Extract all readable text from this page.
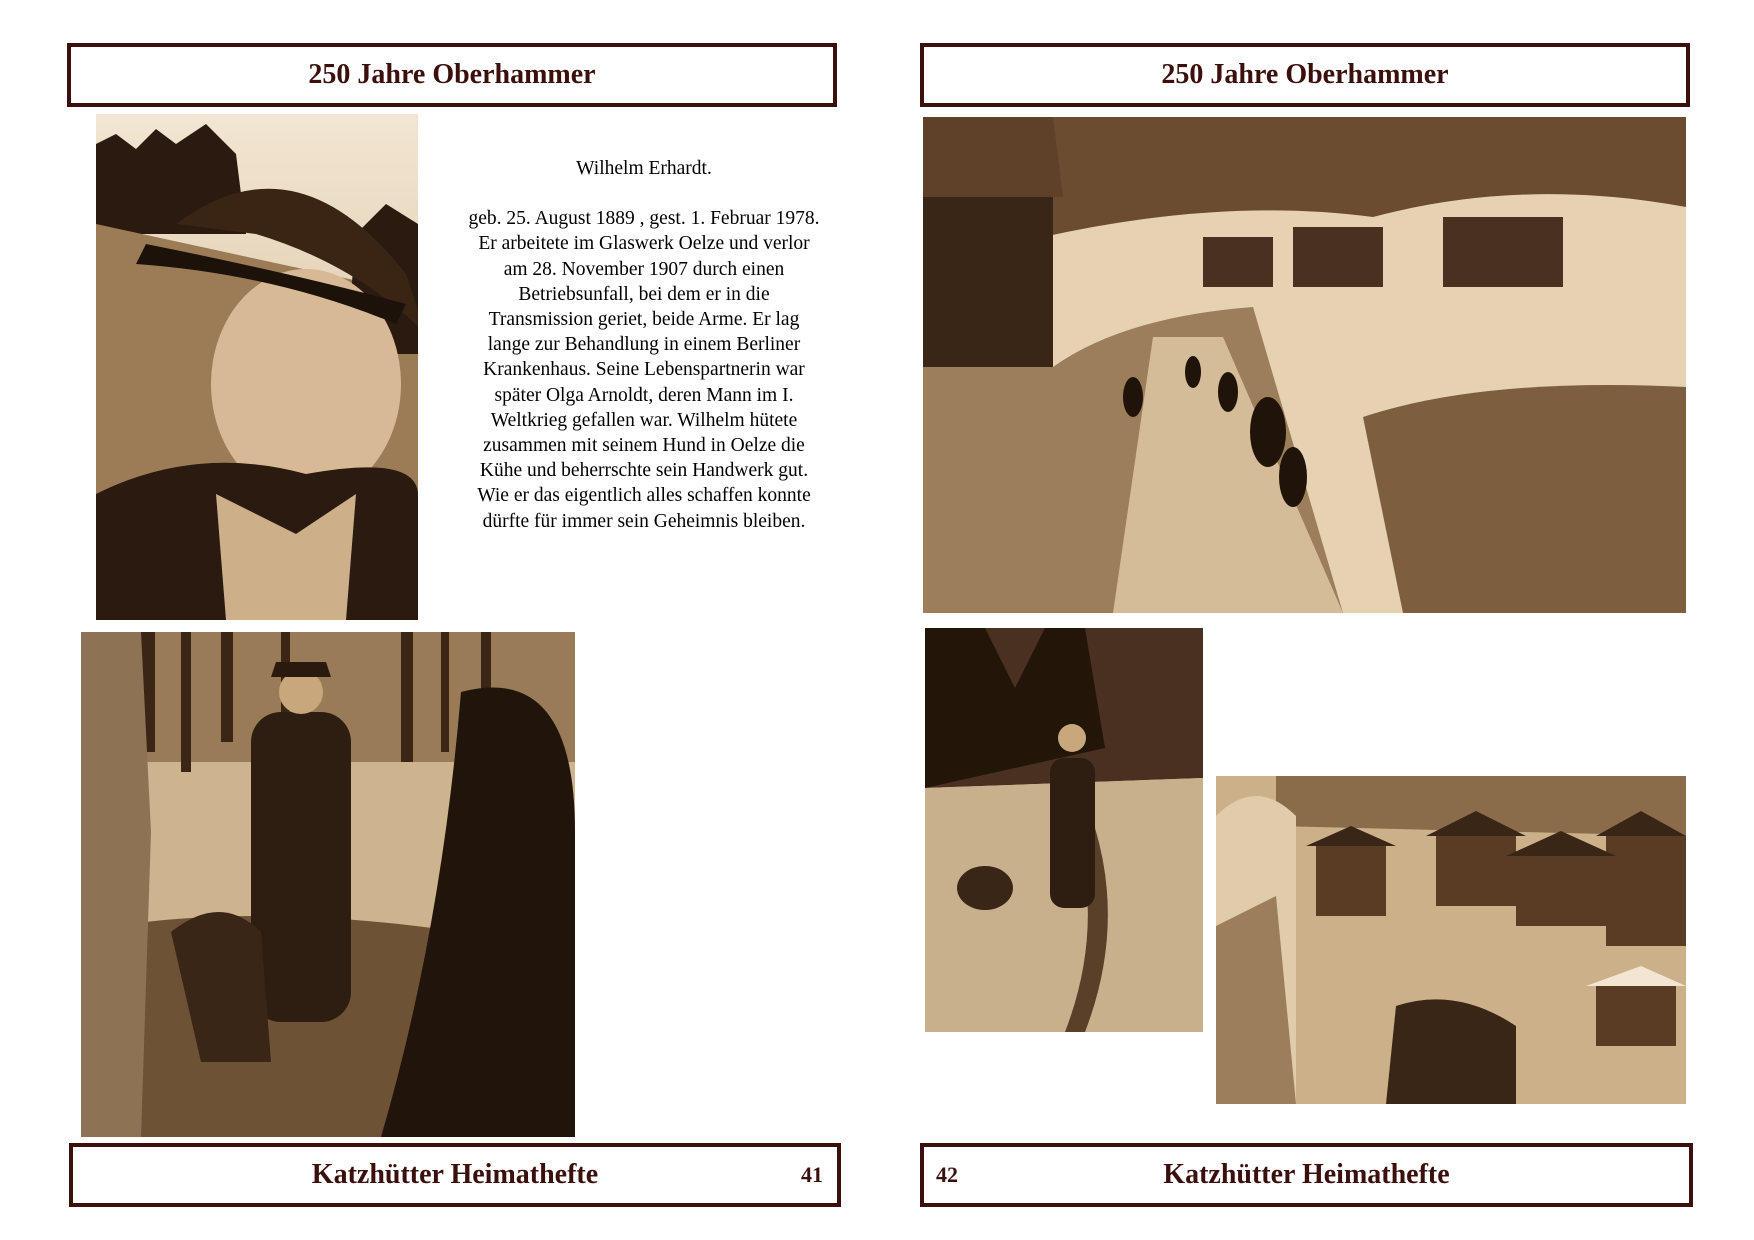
250 Jahre Oberhammer
Wilhelm Erhardt.
geb. 25. August 1889 , gest. 1. Februar 1978.
Er arbeitete im Glaswerk Oelze und verlor
am 28. November 1907 durch einen
Betriebsunfall, bei dem er in die
Transmission geriet, beide Arme. Er lag
lange zur Behandlung in einem Berliner
Krankenhaus. Seine Lebenspartnerin war
später Olga Arnoldt, deren Mann im I.
Weltkrieg gefallen war. Wilhelm hütete
zusammen mit seinem Hund in Oelze die
Kühe und beherrschte sein Handwerk gut.
Wie er das eigentlich alles schaffen konnte
dürfte für immer sein Geheimnis bleiben.
Katzhütter Heimathefte	41
250 Jahre Oberhammer
Katzhütter Heimathefte
42
